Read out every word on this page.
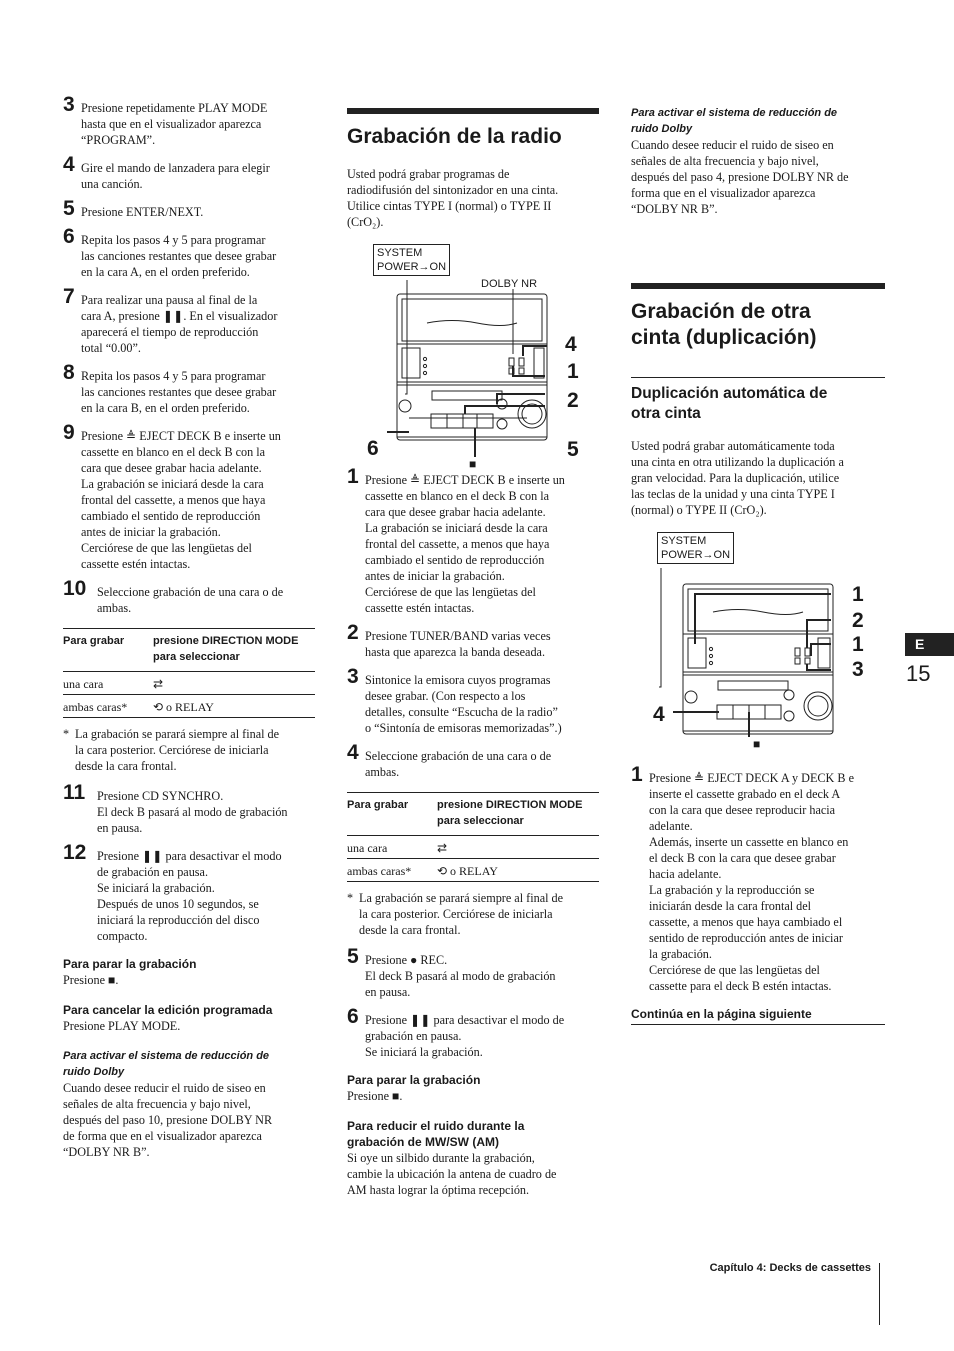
3 Presione repetidamente PLAY MODE
hasta que en el visualizador aparezca
“PROGRAM”.
4 Gire el mando de lanzadera para elegir
una canción.
5 Presione ENTER/NEXT.
6 Repita los pasos 4 y 5 para programar
las canciones restantes que desee grabar
en la cara A, en el orden preferido.
7 Para realizar una pausa al final de la
cara A, presione ❚❚. En el visualizador
aparecerá el tiempo de reproducción
total “0.00”.
8 Repita los pasos 4 y 5 para programar
las canciones restantes que desee grabar
en la cara B, en el orden preferido.
9 Presione ≜ EJECT DECK B e inserte un
cassette en blanco en el deck B con la
cara que desee grabar hacia adelante.
La grabación se iniciará desde la cara
frontal del cassette, a menos que haya
cambiado el sentido de reproducción
antes de iniciar la grabación.
Cerciórese de que las lengüetas del
cassette estén intactas.
10 Seleccione grabación de una cara o de
ambas.
Para grabar	presione DIRECTION MODE para seleccionar
una cara	⇄
ambas caras*	⟲ o RELAY
* La grabación se parará siempre al final de
la cara posterior. Cerciórese de iniciarla
desde la cara frontal.
11 Presione CD SYNCHRO.
El deck B pasará al modo de grabación
en pausa.
12 Presione ❚❚ para desactivar el modo
de grabación en pausa.
Se iniciará la grabación.
Después de unos 10 segundos, se
iniciará la reproducción del disco
compacto.
Para parar la grabación
Presione ■.
Para cancelar la edición programada
Presione PLAY MODE.
Para activar el sistema de reducción de
ruido Dolby
Cuando desee reducir el ruido de siseo en
señales de alta frecuencia y bajo nivel,
después del paso 10, presione DOLBY NR
de forma que en el visualizador aparezca
“DOLBY NR B”.
Grabación de la radio
Usted podrá grabar programas de
radiodifusión del sintonizador en una cinta.
Utilice cintas TYPE I (normal) o TYPE II
(CrO₂).
SYSTEM
POWER→ON
DOLBY NR
4
1
2
6	5
■
1 Presione ≜ EJECT DECK B e inserte un
cassette en blanco en el deck B con la
cara que desee grabar hacia adelante.
La grabación se iniciará desde la cara
frontal del cassette, a menos que haya
cambiado el sentido de reproducción
antes de iniciar la grabación.
Cerciórese de que las lengüetas del
cassette estén intactas.
2 Presione TUNER/BAND varias veces
hasta que aparezca la banda deseada.
3 Sintonice la emisora cuyos programas
desee grabar. (Con respecto a los
detalles, consulte “Escucha de la radio”
o “Sintonía de emisoras memorizadas”.)
4 Seleccione grabación de una cara o de
ambas.
Para grabar	presione DIRECTION MODE para seleccionar
una cara	⇄
ambas caras*	⟲ o RELAY
* La grabación se parará siempre al final de
la cara posterior. Cerciórese de iniciarla
desde la cara frontal.
5 Presione ● REC.
El deck B pasará al modo de grabación
en pausa.
6 Presione ❚❚ para desactivar el modo de
grabación en pausa.
Se iniciará la grabación.
Para parar la grabación
Presione ■.
Para reducir el ruido durante la
grabación de MW/SW (AM)
Si oye un silbido durante la grabación,
cambie la ubicación la antena de cuadro de
AM hasta lograr la óptima recepción.
Para activar el sistema de reducción de
ruido Dolby
Cuando desee reducir el ruido de siseo en
señales de alta frecuencia y bajo nivel,
después del paso 4, presione DOLBY NR de
forma que en el visualizador aparezca
“DOLBY NR B”.
Grabación de otra
cinta (duplicación)
Duplicación automática de
otra cinta
Usted podrá grabar automáticamente toda
una cinta en otra utilizando la duplicación a
gran velocidad. Para la duplicación, utilice
las teclas de la unidad y una cinta TYPE I
(normal) o TYPE II (CrO₂).
SYSTEM
POWER→ON
1
2
1
3
4
■
1 Presione ≜ EJECT DECK A y DECK B e
inserte el cassette grabado en el deck A
con la cara que desee reproducir hacia
adelante.
Además, inserte un cassette en blanco en
el deck B con la cara que desee grabar
hacia adelante.
La grabación y la reproducción se
iniciarán desde la cara frontal del
cassette, a menos que haya cambiado el
sentido de reproducción antes de iniciar
la grabación.
Cerciórese de que las lengüetas del
cassette para el deck B estén intactas.
Continúa en la página siguiente
E
15
Capítulo 4: Decks de cassettes
